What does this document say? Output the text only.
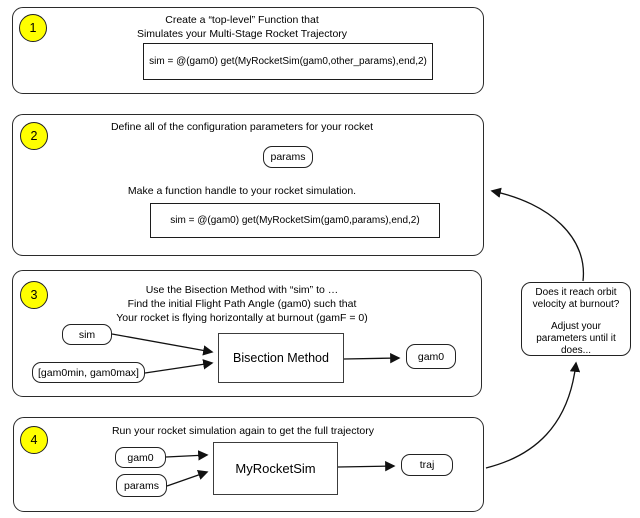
1
2
3
4
Create a “top-level” Function that
Simulates your Multi-Stage Rocket Trajectory
sim = @(gam0) get(MyRocketSim(gam0,other_params),end,2)
Define all of the configuration parameters for your rocket
params
Make a function handle to your rocket simulation.
sim = @(gam0) get(MyRocketSim(gam0,params),end,2)
Use the Bisection Method with “sim” to …
Find the initial Flight Path Angle (gam0) such that
Your rocket is flying horizontally at burnout (gamF = 0)
sim
[gam0min, gam0max]
Bisection Method	gam0
Run your rocket simulation again to get the full trajectory
gam0
params
MyRocketSim	traj
Does it reach orbit
velocity at burnout?
Adjust your
parameters until it
does...
